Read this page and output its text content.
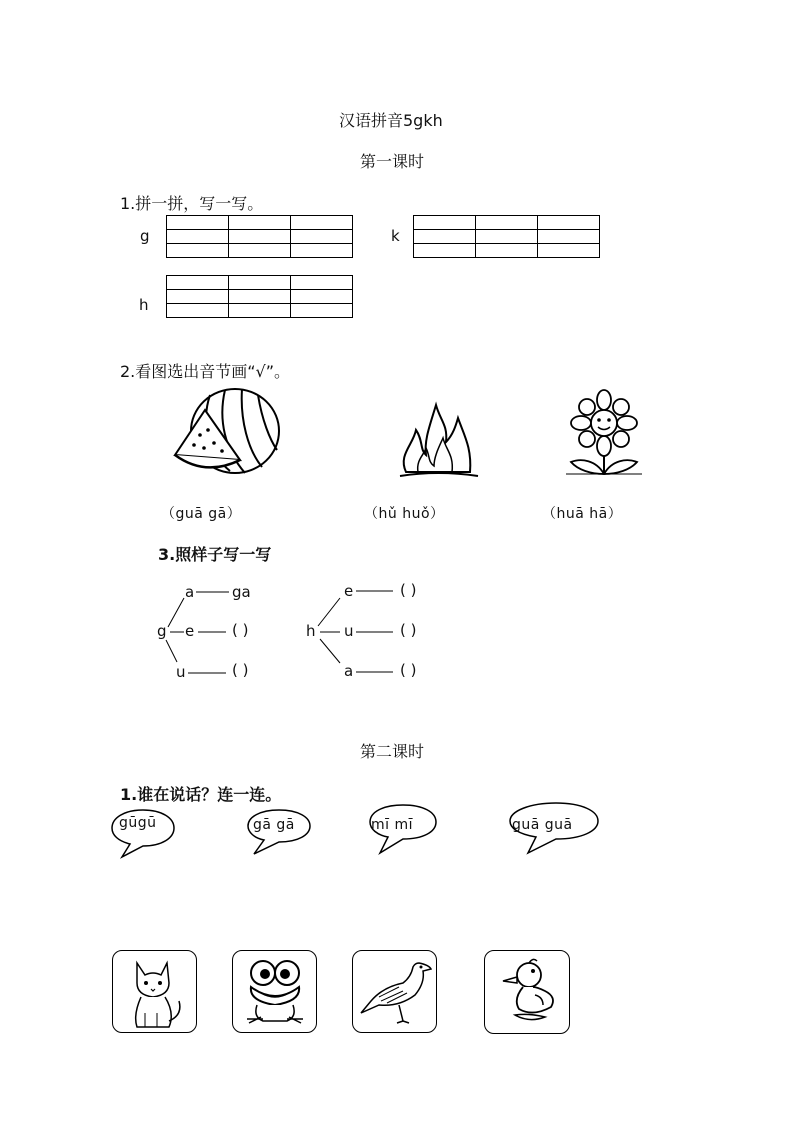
汉语拼音5gkh
第一课时
1.拼一拼，写一写。
g

			k

h

2.看图选出音节画“√”。
（guā gā）	（hǔ huǒ）	（huā hā）
3.照样子写一写
g
a	ga
e	( )
u	( )
h
e	( )
u	( )
a	( )
第二课时
1.谁在说话？连一连。
gūgū	gā gā	mī mī	guā guā
